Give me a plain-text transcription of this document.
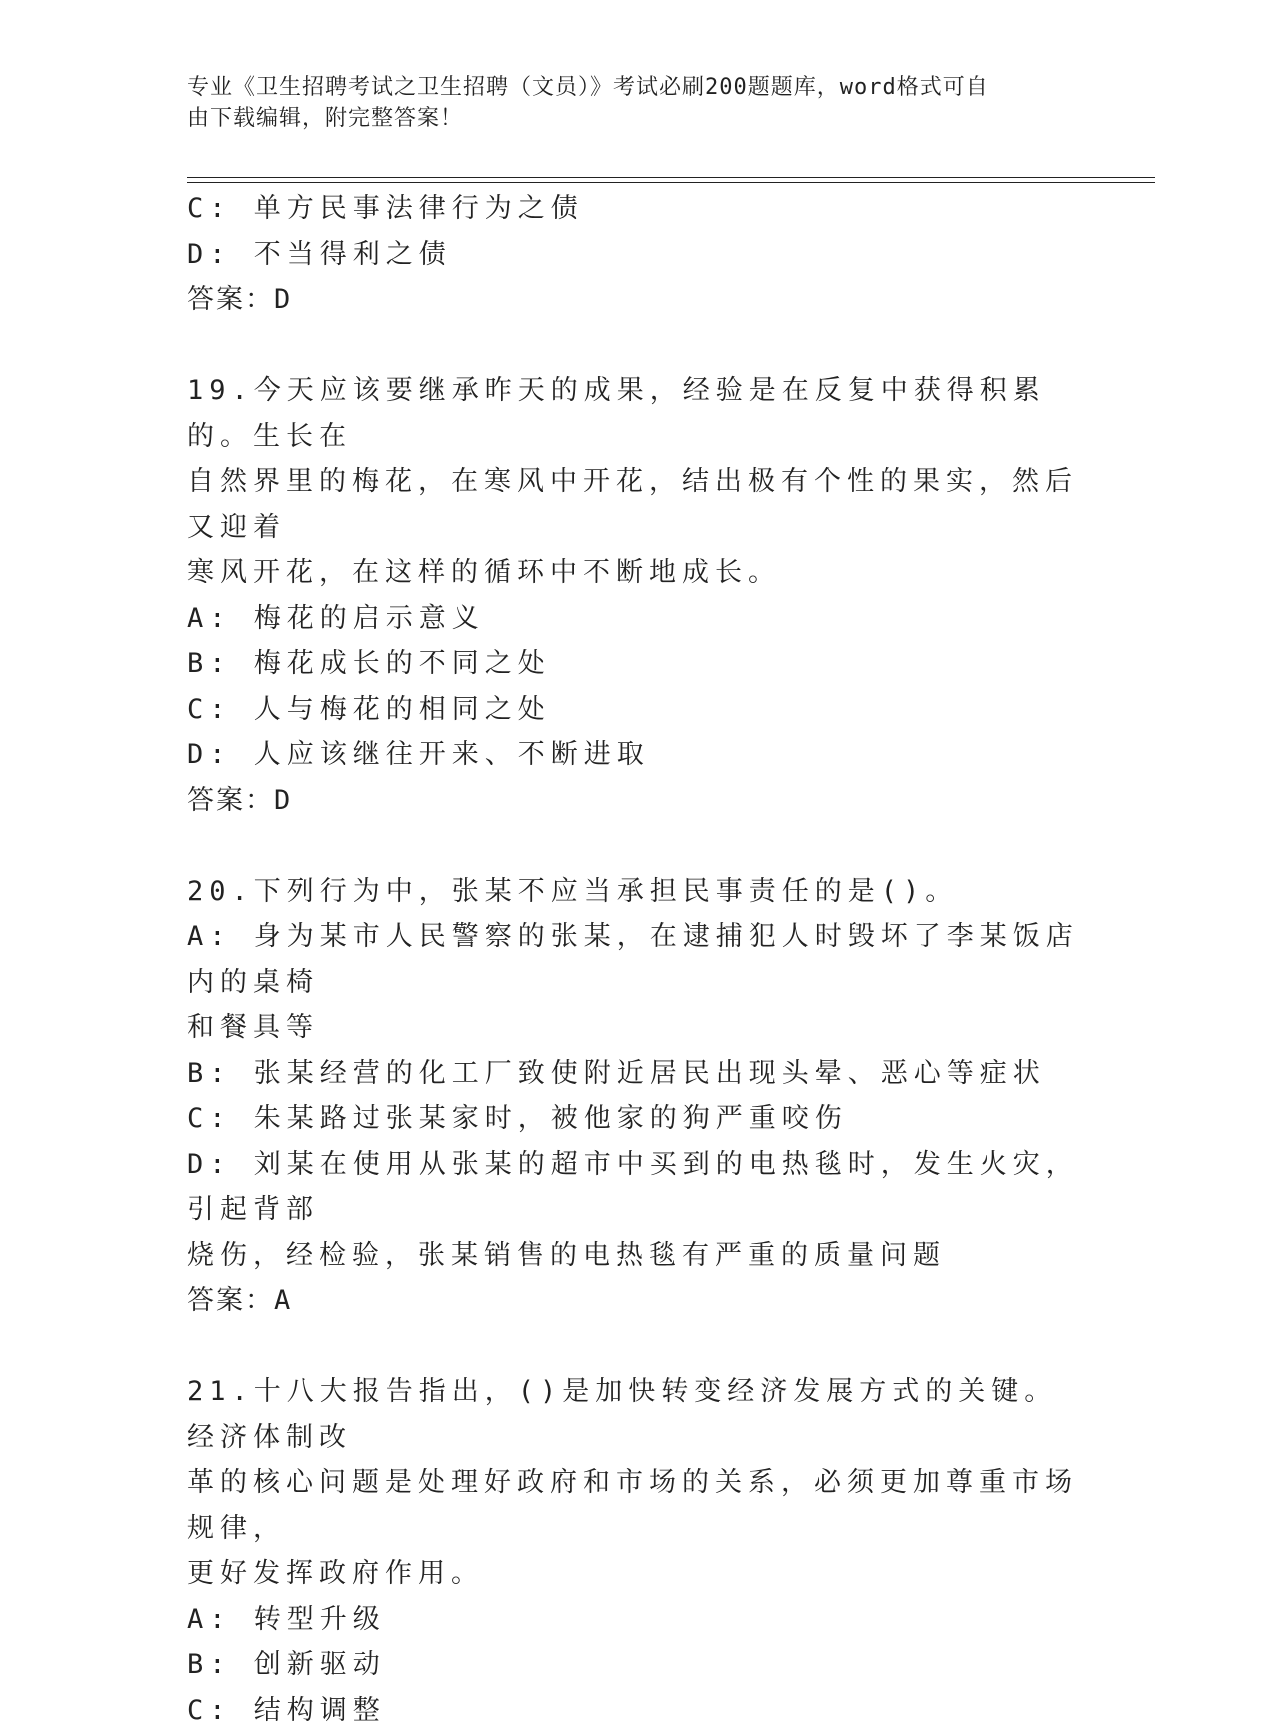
专业《卫生招聘考试之卫生招聘（文员）》考试必刷200题题库，word格式可自
由下载编辑，附完整答案！
C: 单方民事法律行为之债
D: 不当得利之债
答案：D
19.今天应该要继承昨天的成果，经验是在反复中获得积累的。生长在
自然界里的梅花，在寒风中开花，结出极有个性的果实，然后又迎着
寒风开花，在这样的循环中不断地成长。
A: 梅花的启示意义
B: 梅花成长的不同之处
C: 人与梅花的相同之处
D: 人应该继往开来、不断进取
答案：D
20.下列行为中，张某不应当承担民事责任的是()。
A: 身为某市人民警察的张某，在逮捕犯人时毁坏了李某饭店内的桌椅
和餐具等
B: 张某经营的化工厂致使附近居民出现头晕、恶心等症状
C: 朱某路过张某家时，被他家的狗严重咬伤
D: 刘某在使用从张某的超市中买到的电热毯时，发生火灾，引起背部
烧伤，经检验，张某销售的电热毯有严重的质量问题
答案：A
21.十八大报告指出，()是加快转变经济发展方式的关键。经济体制改
革的核心问题是处理好政府和市场的关系，必须更加尊重市场规律，
更好发挥政府作用。
A: 转型升级
B: 创新驱动
C: 结构调整
